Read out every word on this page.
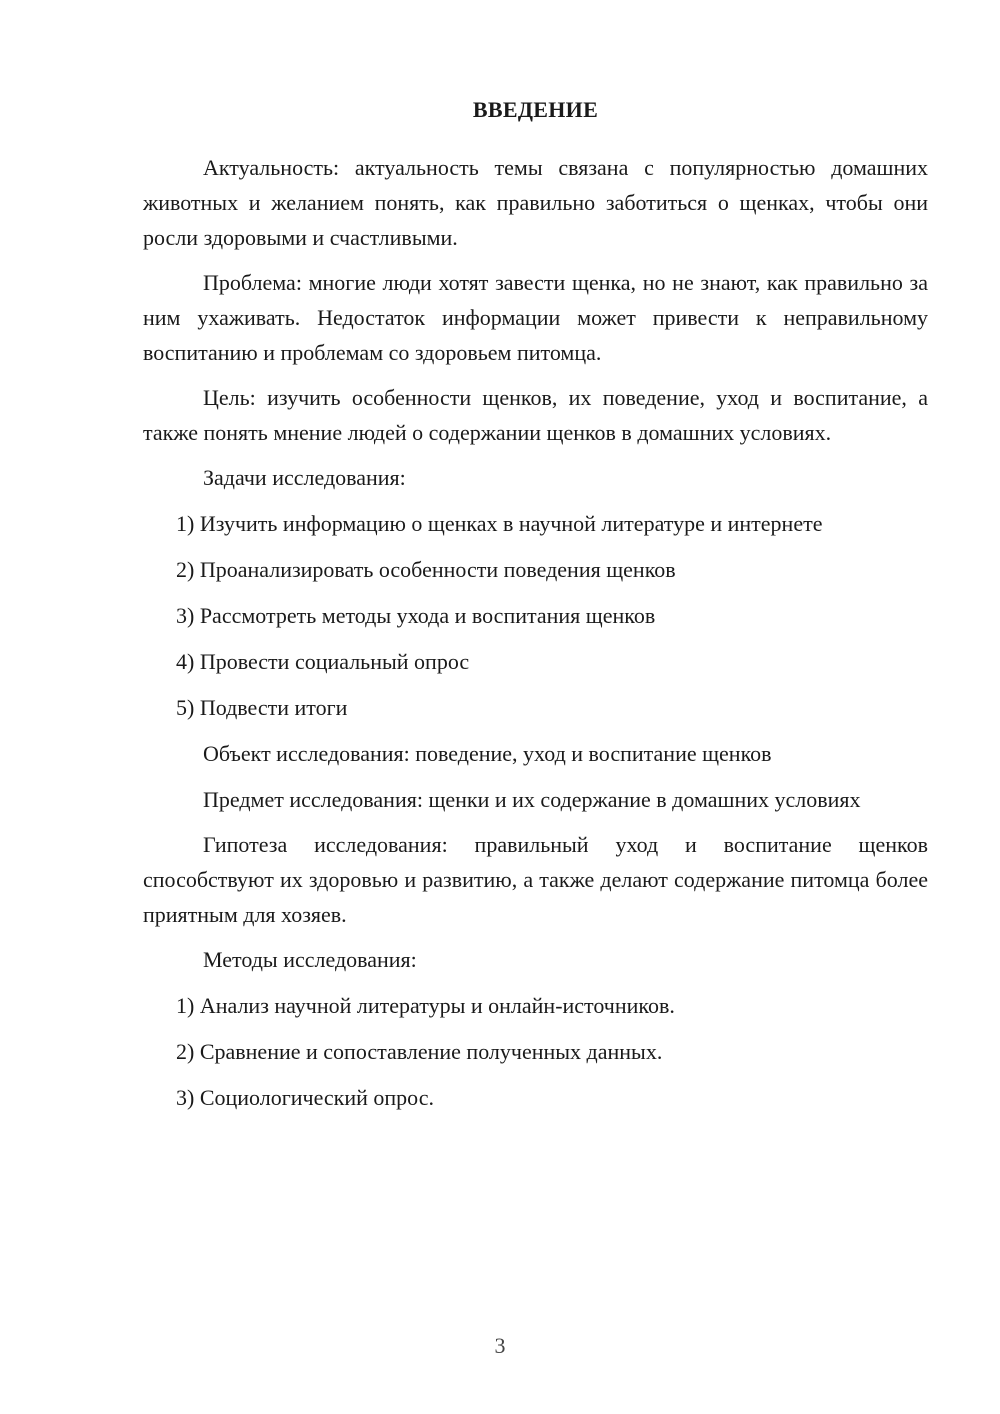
ВВЕДЕНИЕ

Актуальность: актуальность темы связана с популярностью домашних животных и желанием понять, как правильно заботиться о щенках, чтобы они росли здоровыми и счастливыми.

Проблема: многие люди хотят завести щенка, но не знают, как правильно за ним ухаживать. Недостаток информации может привести к неправильному воспитанию и проблемам со здоровьем питомца.

Цель: изучить особенности щенков, их поведение, уход и воспитание, а также понять мнение людей о содержании щенков в домашних условиях.

Задачи исследования:

1) Изучить информацию о щенках в научной литературе и интернете

2) Проанализировать особенности поведения щенков

3) Рассмотреть методы ухода и воспитания щенков

4) Провести социальный опрос

5) Подвести итоги

Объект исследования: поведение, уход и воспитание щенков

Предмет исследования: щенки и их содержание в домашних условиях

Гипотеза исследования: правильный уход и воспитание щенков способствуют их здоровью и развитию, а также делают содержание питомца более приятным для хозяев.

Методы исследования:

1) Анализ научной литературы и онлайн-источников.

2) Сравнение и сопоставление полученных данных.

3) Социологический опрос.

3
